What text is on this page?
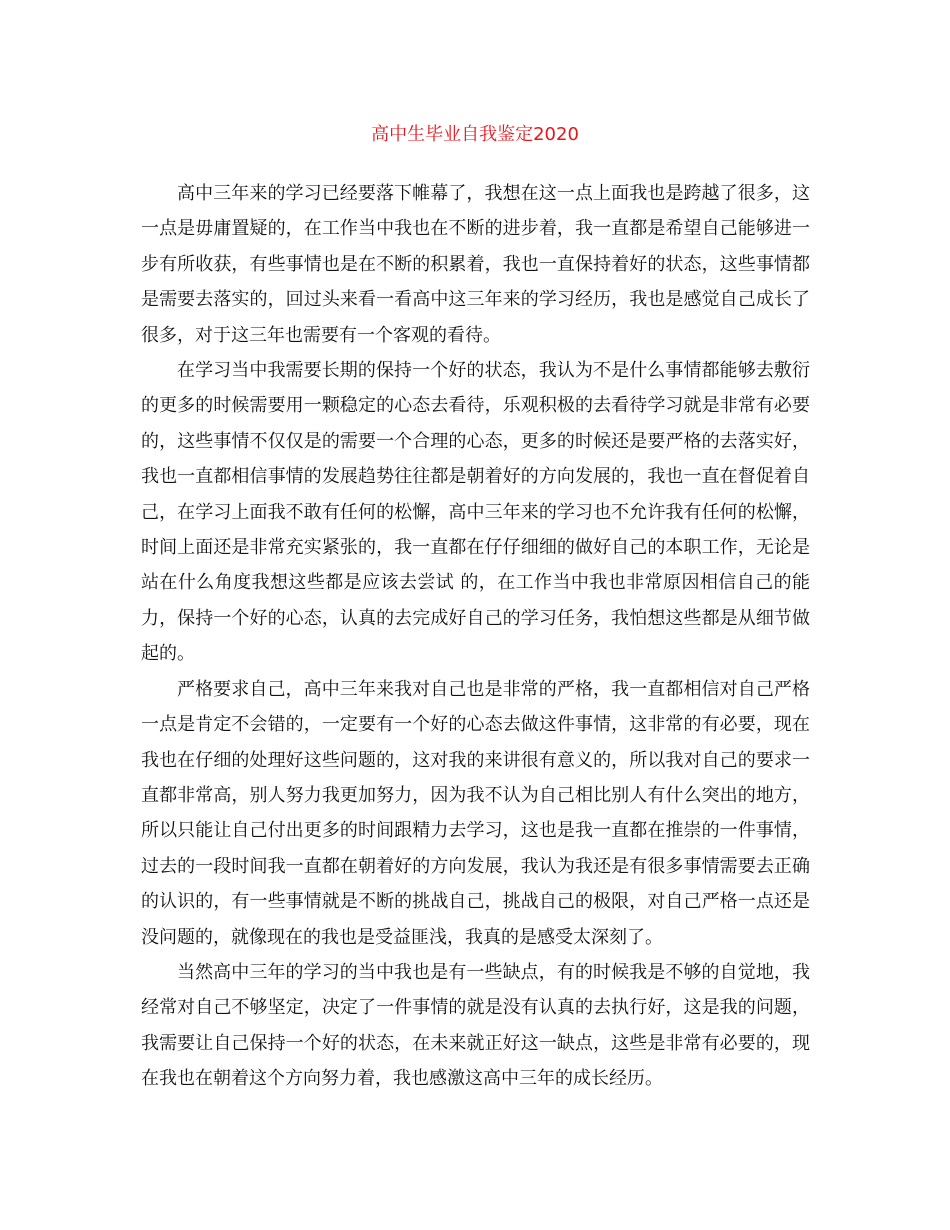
高中生毕业自我鉴定2020

高中三年来的学习已经要落下帷幕了，我想在这一点上面我也是跨越了很多，这一点是毋庸置疑的，在工作当中我也在不断的进步着，我一直都是希望自己能够进一步有所收获，有些事情也是在不断的积累着，我也一直保持着好的状态，这些事情都是需要去落实的，回过头来看一看高中这三年来的学习经历，我也是感觉自己成长了很多，对于这三年也需要有一个客观的看待。

在学习当中我需要长期的保持一个好的状态，我认为不是什么事情都能够去敷衍的更多的时候需要用一颗稳定的心态去看待，乐观积极的去看待学习就是非常有必要的，这些事情不仅仅是的需要一个合理的心态，更多的时候还是要严格的去落实好，我也一直都相信事情的发展趋势往往都是朝着好的方向发展的，我也一直在督促着自己，在学习上面我不敢有任何的松懈，高中三年来的学习也不允许我有任何的松懈，时间上面还是非常充实紧张的，我一直都在仔仔细细的做好自己的本职工作，无论是站在什么角度我想这些都是应该去尝试 的，在工作当中我也非常原因相信自己的能力，保持一个好的心态，认真的去完成好自己的学习任务，我怕想这些都是从细节做起的。

严格要求自己，高中三年来我对自己也是非常的严格，我一直都相信对自己严格一点是肯定不会错的，一定要有一个好的心态去做这件事情，这非常的有必要，现在我也在仔细的处理好这些问题的，这对我的来讲很有意义的，所以我对自己的要求一直都非常高，别人努力我更加努力，因为我不认为自己相比别人有什么突出的地方，所以只能让自己付出更多的时间跟精力去学习，这也是我一直都在推崇的一件事情，过去的一段时间我一直都在朝着好的方向发展，我认为我还是有很多事情需要去正确的认识的，有一些事情就是不断的挑战自己，挑战自己的极限，对自己严格一点还是没问题的，就像现在的我也是受益匪浅，我真的是感受太深刻了。

当然高中三年的学习的当中我也是有一些缺点，有的时候我是不够的自觉地，我经常对自己不够坚定，决定了一件事情的就是没有认真的去执行好，这是我的问题，我需要让自己保持一个好的状态，在未来就正好这一缺点，这些是非常有必要的，现在我也在朝着这个方向努力着，我也感激这高中三年的成长经历。
